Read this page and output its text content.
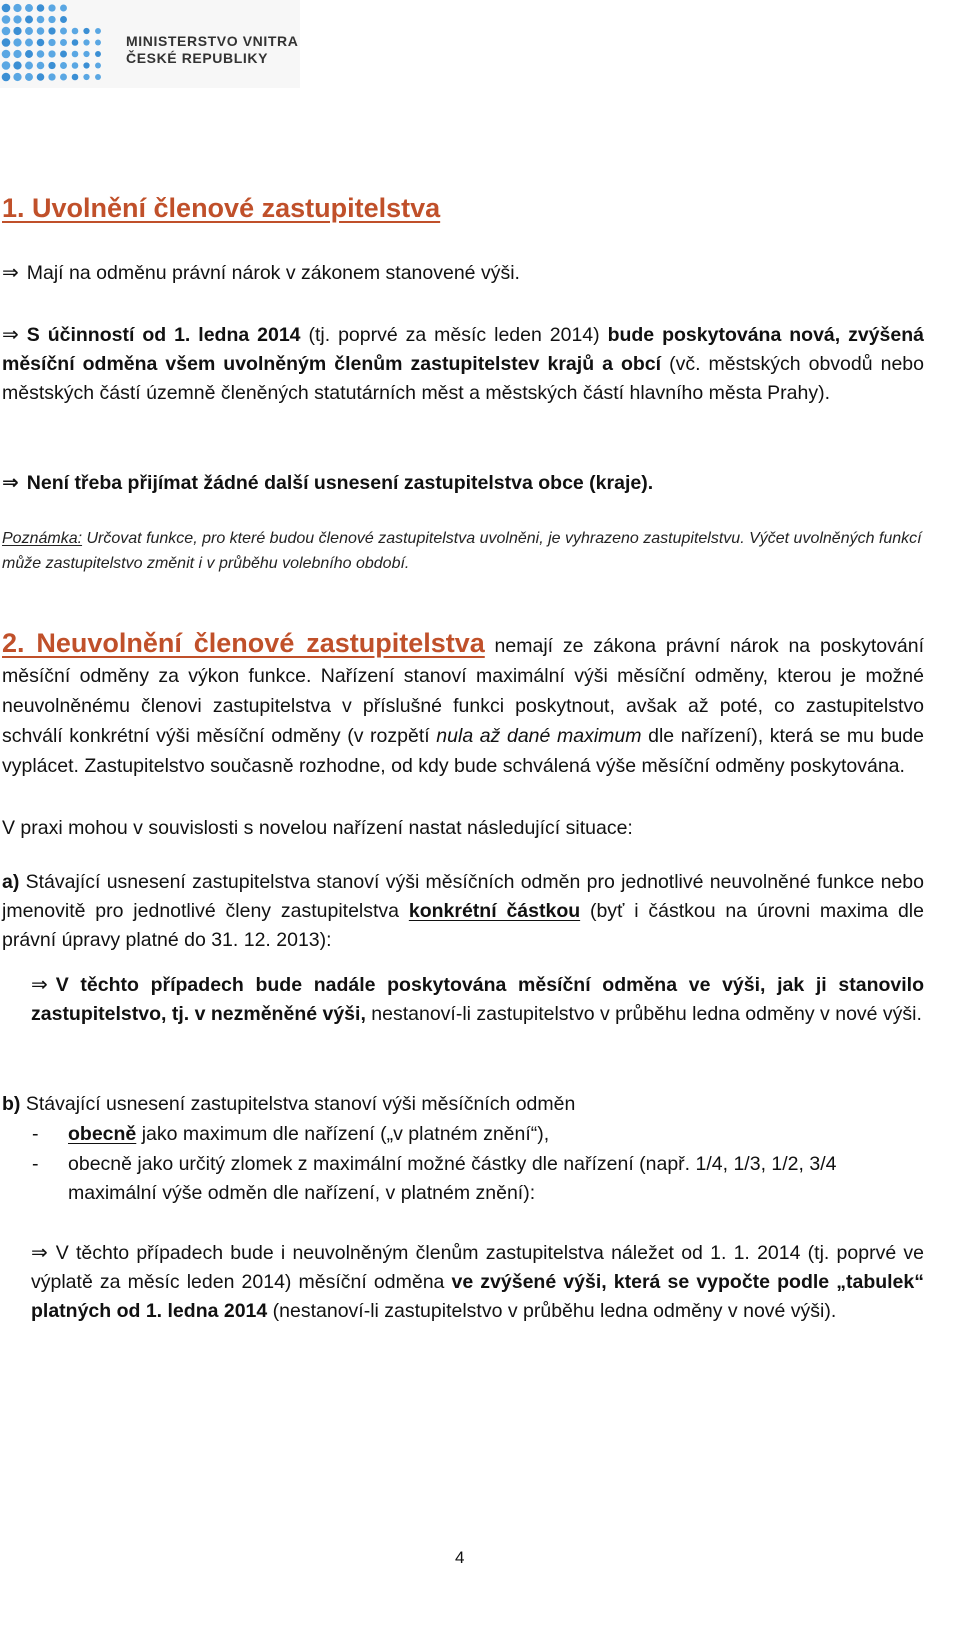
MINISTERSTVO VNITRA
ČESKÉ REPUBLIKY
1. Uvolnění členové zastupitelstva
⇒ Mají na odměnu právní nárok v zákonem stanovené výši.
⇒ S účinností od 1. ledna 2014 (tj. poprvé za měsíc leden 2014) bude poskytována nová, zvýšená měsíční odměna všem uvolněným členům zastupitelstev krajů a obcí (vč. městských obvodů nebo městských částí územně členěných statutárních měst a městských částí hlavního města Prahy).
⇒ Není třeba přijímat žádné další usnesení zastupitelstva obce (kraje).
Poznámka: Určovat funkce, pro které budou členové zastupitelstva uvolněni, je vyhrazeno zastupitelstvu. Výčet uvolněných funkcí může zastupitelstvo změnit i v průběhu volebního období.
2. Neuvolnění členové zastupitelstva nemají ze zákona právní nárok na poskytování měsíční odměny za výkon funkce. Nařízení stanoví maximální výši měsíční odměny, kterou je možné neuvolněnému členovi zastupitelstva v příslušné funkci poskytnout, avšak až poté, co zastupitelstvo schválí konkrétní výši měsíční odměny (v rozpětí nula až dané maximum dle nařízení), která se mu bude vyplácet. Zastupitelstvo současně rozhodne, od kdy bude schválená výše měsíční odměny poskytována.
V praxi mohou v souvislosti s novelou nařízení nastat následující situace:
a) Stávající usnesení zastupitelstva stanoví výši měsíčních odměn pro jednotlivé neuvolněné funkce nebo jmenovitě pro jednotlivé členy zastupitelstva konkrétní částkou (byť i částkou na úrovni maxima dle právní úpravy platné do 31. 12. 2013):
⇒ V těchto případech bude nadále poskytována měsíční odměna ve výši, jak ji stanovilo zastupitelstvo, tj. v nezměněné výši, nestanoví-li zastupitelstvo v průběhu ledna odměny v nové výši.
b) Stávající usnesení zastupitelstva stanoví výši měsíčních odměn
-	obecně jako maximum dle nařízení („v platném znění“),
-	obecně jako určitý zlomek z maximální možné částky dle nařízení (např. 1/4, 1/3, 1/2, 3/4 maximální výše odměn dle nařízení, v platném znění):
⇒ V těchto případech bude i neuvolněným členům zastupitelstva náležet od 1. 1. 2014 (tj. poprvé ve výplatě za měsíc leden 2014) měsíční odměna ve zvýšené výši, která se vypočte podle „tabulek“ platných od 1. ledna 2014 (nestanoví-li zastupitelstvo v průběhu ledna odměny v nové výši).
4
